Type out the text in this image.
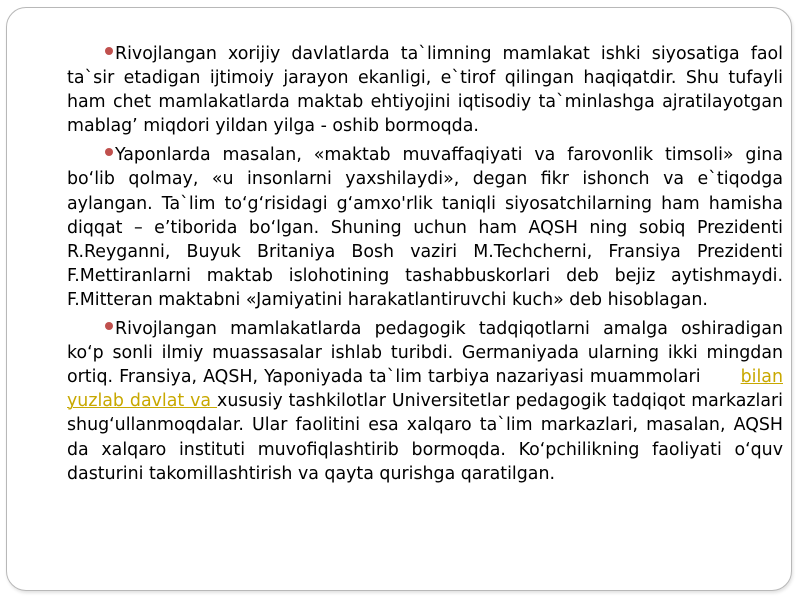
Rivojlangan xorijiy davlatlarda ta`limning mamlakat ishki siyosatiga faol ta`sir etadigan ijtimoiy jarayon ekanligi, e`tirof qilingan haqiqatdir. Shu tufayli ham chet mamlakatlarda maktab ehtiyojini iqtisodiy ta`minlashga ajratilayotgan mablag’ miqdori yildan yilga - oshib bormoqda.

Yaponlarda masalan, «maktab muvaffaqiyati va farovonlik timsoli» gina bo‘lib qolmay, «u insonlarni yaxshilaydi», degan fikr ishonch va e`tiqodga aylangan. Ta`lim to‘g‘risidagi g‘amxo'rlik taniqli siyosatchilarning ham hamisha diqqat – e’tiborida bo‘lgan. Shuning uchun ham AQSH ning sobiq Prezidenti R.Reyganni, Buyuk Britaniya Bosh vaziri M.Techcherni, Fransiya Prezidenti F.Mettiranlarni maktab islohotining tashabbuskorlari deb bejiz aytishmaydi. F.Mitteran maktabni «Jamiyatini harakatlantiruvchi kuch» deb hisoblagan.

Rivojlangan mamlakatlarda pedagogik tadqiqotlarni amalga oshiradigan ko‘p sonli ilmiy muassasalar ishlab turibdi. Germaniyada ularning ikki mingdan ortiq. Fransiya, AQSH, Yaponiyada ta`lim tarbiya nazariyasi muammolari bilan yuzlab davlat va xususiy tashkilotlar Universitetlar pedagogik tadqiqot markazlari shug‘ullanmoqdalar. Ular faolitini esa xalqaro ta`lim markazlari, masalan, AQSH da xalqaro instituti muvofiqlashtirib bormoqda. Ko‘pchilikning faoliyati o‘quv dasturini takomillashtirish va qayta qurishga qaratilgan.
